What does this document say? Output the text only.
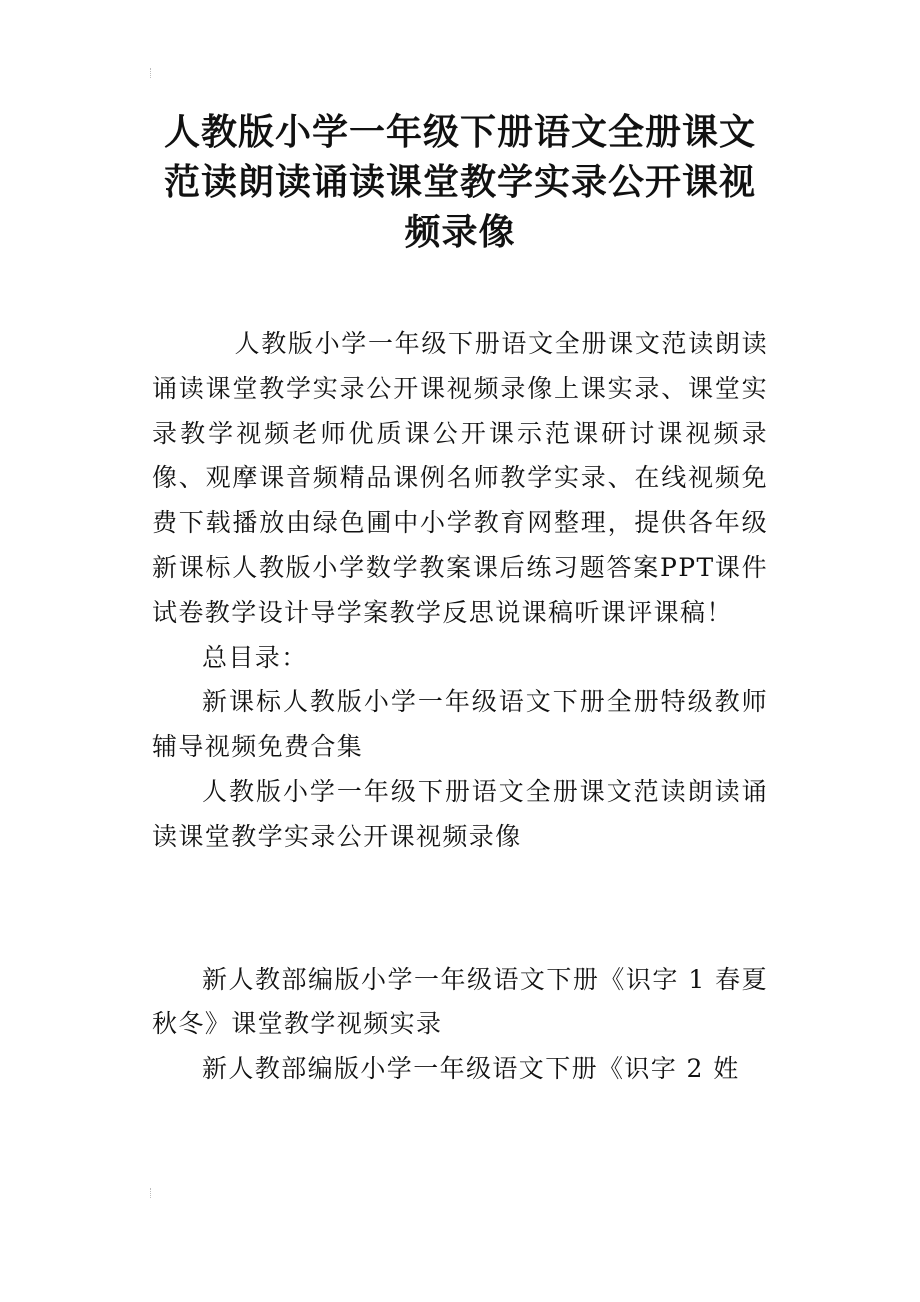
人教版小学一年级下册语文全册课文范读朗读诵读课堂教学实录公开课视频录像

人教版小学一年级下册语文全册课文范读朗读诵读课堂教学实录公开课视频录像上课实录、课堂实录教学视频老师优质课公开课示范课研讨课视频录像、观摩课音频精品课例名师教学实录、在线视频免费下载播放由绿色圃中小学教育网整理，提供各年级新课标人教版小学数学教案课后练习题答案PPT课件试卷教学设计导学案教学反思说课稿听课评课稿！

总目录：

新课标人教版小学一年级语文下册全册特级教师辅导视频免费合集

人教版小学一年级下册语文全册课文范读朗读诵读课堂教学实录公开课视频录像

新人教部编版小学一年级语文下册《识字 1 春夏秋冬》课堂教学视频实录

新人教部编版小学一年级语文下册《识字 2 姓
